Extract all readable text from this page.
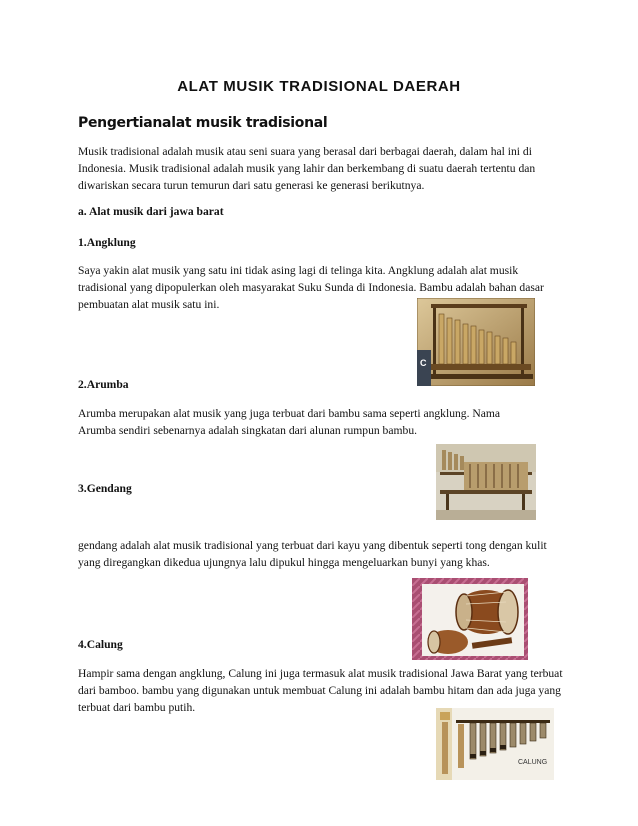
ALAT MUSIK TRADISIONAL DAERAH
Pengertianalat musik tradisional
Musik tradisional adalah musik atau seni suara yang berasal dari berbagai daerah, dalam hal ini di Indonesia. Musik tradisional adalah musik yang lahir dan berkembang di suatu daerah tertentu dan diwariskan secara turun temurun dari satu generasi ke generasi berikutnya.
a. Alat musik dari jawa barat
1.Angklung
Saya yakin alat musik yang satu ini tidak asing lagi di telinga kita. Angklung adalah alat musik tradisional yang dipopulerkan oleh masyarakat Suku Sunda di Indonesia. Bambu adalah bahan dasar pembuatan alat musik satu ini.
C
2.Arumba
Arumba merupakan alat musik yang juga terbuat dari bambu sama seperti angklung. Nama Arumba sendiri sebenarnya adalah singkatan dari alunan rumpun bambu.
3.Gendang
gendang adalah alat musik tradisional yang terbuat dari kayu yang dibentuk seperti tong dengan kulit yang diregangkan dikedua ujungnya lalu dipukul hingga mengeluarkan bunyi yang khas.
4.Calung
Hampir sama dengan angklung, Calung ini juga termasuk alat musik tradisional Jawa Barat yang terbuat dari bamboo. bambu yang digunakan untuk membuat Calung ini adalah bambu hitam dan ada juga yang terbuat dari bambu putih.
CALUNG
